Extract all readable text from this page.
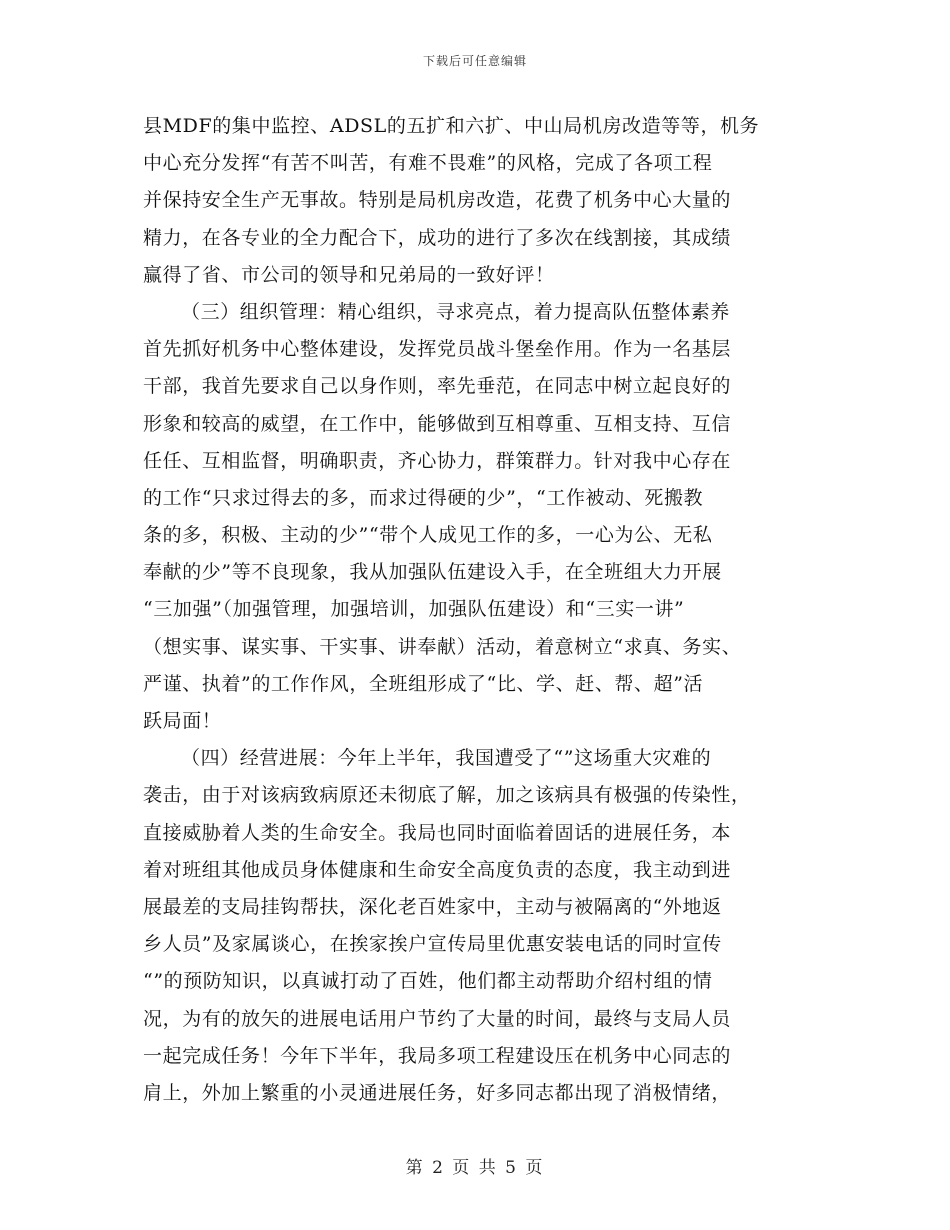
下载后可任意编辑
县MDF的集中监控、ADSL的五扩和六扩、中山局机房改造等等，机务
中心充分发挥“有苦不叫苦，有难不畏难”的风格，完成了各项工程
并保持安全生产无事故。特别是局机房改造，花费了机务中心大量的
精力，在各专业的全力配合下，成功的进行了多次在线割接，其成绩
赢得了省、市公司的领导和兄弟局的一致好评！
（三）组织管理：精心组织，寻求亮点，着力提高队伍整体素养
首先抓好机务中心整体建设，发挥党员战斗堡垒作用。作为一名基层
干部，我首先要求自己以身作则，率先垂范，在同志中树立起良好的
形象和较高的威望，在工作中，能够做到互相尊重、互相支持、互信
任任、互相监督，明确职责，齐心协力，群策群力。针对我中心存在
的工作“只求过得去的多，而求过得硬的少”，“工作被动、死搬教
条的多，积极、主动的少”“带个人成见工作的多，一心为公、无私
奉献的少”等不良现象，我从加强队伍建设入手，在全班组大力开展
“三加强”（加强管理，加强培训，加强队伍建设）和“三实一讲”
（想实事、谋实事、干实事、讲奉献）活动，着意树立“求真、务实、
严谨、执着”的工作作风，全班组形成了“比、学、赶、帮、超”活
跃局面！
（四）经营进展：今年上半年，我国遭受了“”这场重大灾难的
袭击，由于对该病致病原还未彻底了解，加之该病具有极强的传染性，
直接威胁着人类的生命安全。我局也同时面临着固话的进展任务，本
着对班组其他成员身体健康和生命安全高度负责的态度，我主动到进
展最差的支局挂钩帮扶，深化老百姓家中，主动与被隔离的“外地返
乡人员”及家属谈心，在挨家挨户宣传局里优惠安装电话的同时宣传
“”的预防知识，以真诚打动了百姓，他们都主动帮助介绍村组的情
况，为有的放矢的进展电话用户节约了大量的时间，最终与支局人员
一起完成任务！今年下半年，我局多项工程建设压在机务中心同志的
肩上，外加上繁重的小灵通进展任务，好多同志都出现了消极情绪，
第 2 页 共 5 页
